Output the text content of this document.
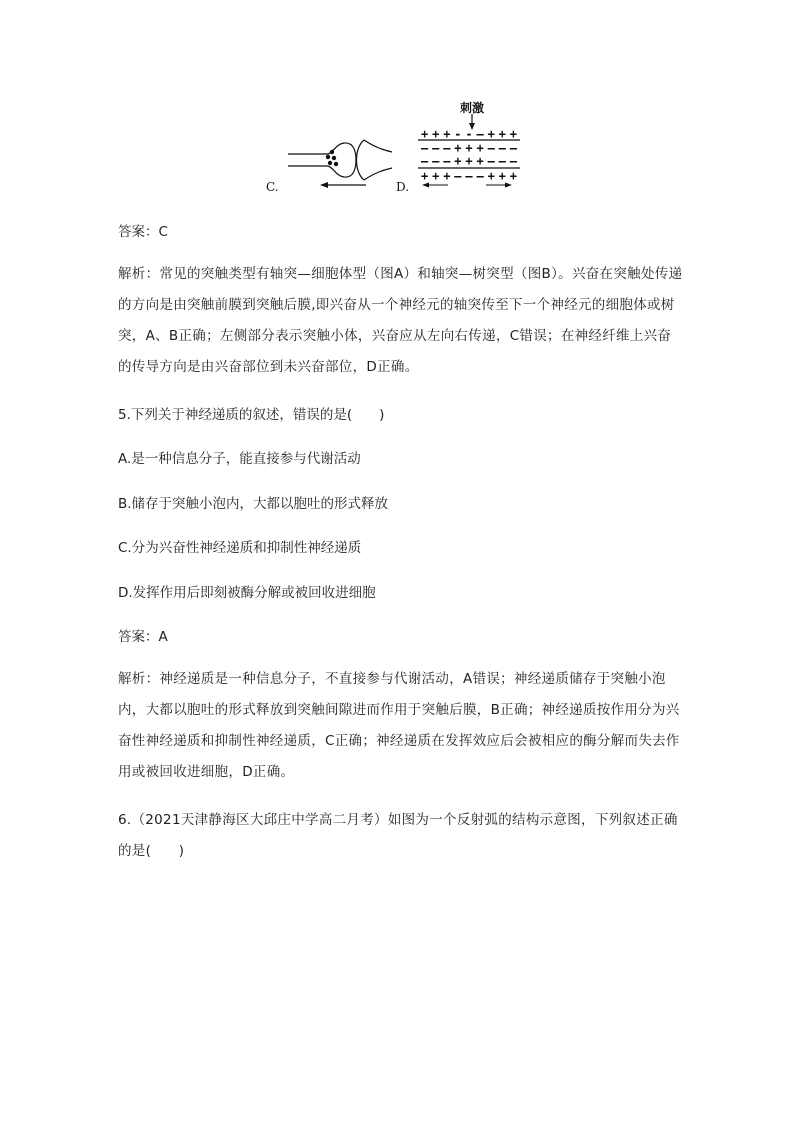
刺激
+++--–+++
–––+++–––
–––+++–––
+++–––+++
C.	D.
答案：C
解析：常见的突触类型有轴突—细胞体型（图A）和轴突—树突型（图B）。兴奋在突触处传递的方向是由突触前膜到突触后膜,即兴奋从一个神经元的轴突传至下一个神经元的细胞体或树突，A、B正确；左侧部分表示突触小体，兴奋应从左向右传递，C错误；在神经纤维上兴奋的传导方向是由兴奋部位到未兴奋部位，D正确。
5.下列关于神经递质的叙述，错误的是(　　)
A.是一种信息分子，能直接参与代谢活动
B.储存于突触小泡内，大都以胞吐的形式释放
C.分为兴奋性神经递质和抑制性神经递质
D.发挥作用后即刻被酶分解或被回收进细胞
答案：A
解析：神经递质是一种信息分子，不直接参与代谢活动，A错误；神经递质储存于突触小泡内，大都以胞吐的形式释放到突触间隙进而作用于突触后膜，B正确；神经递质按作用分为兴奋性神经递质和抑制性神经递质，C正确；神经递质在发挥效应后会被相应的酶分解而失去作用或被回收进细胞，D正确。
6.（2021天津静海区大邱庄中学高二月考）如图为一个反射弧的结构示意图，下列叙述正确的是(　　)
